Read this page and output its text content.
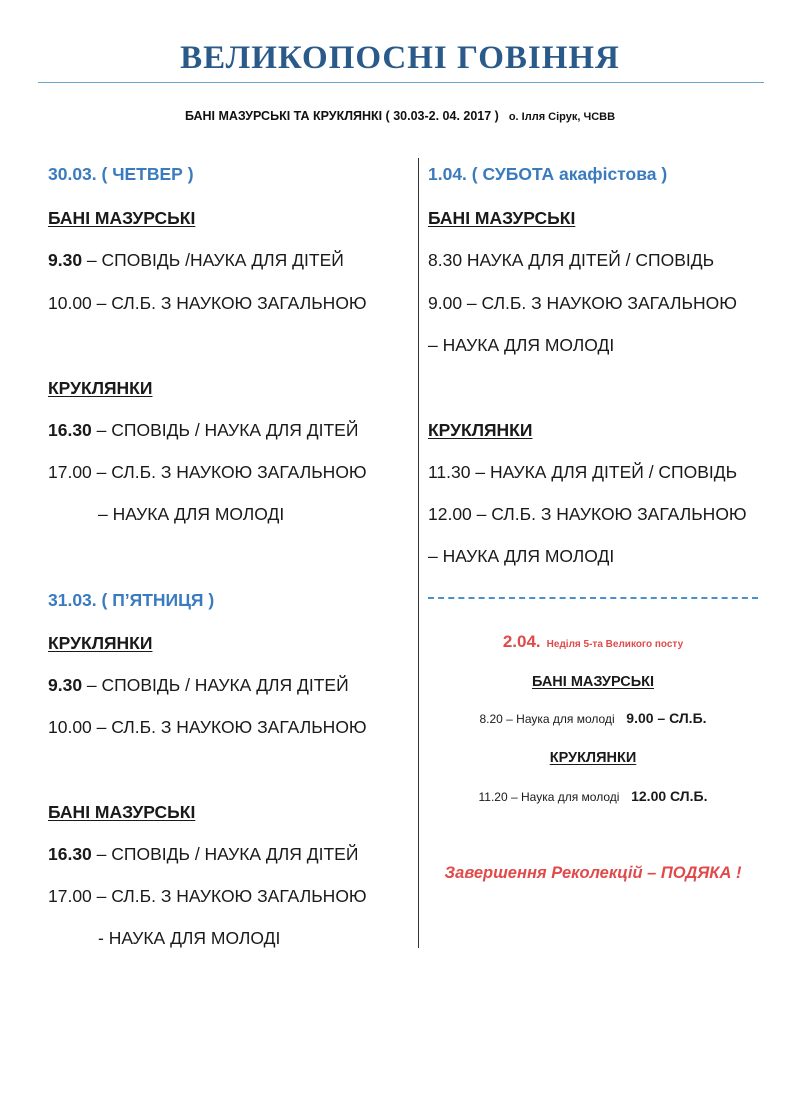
ВЕЛИКОПОСНІ ГОВІННЯ
БАНІ МАЗУРСЬКІ ТА КРУКЛЯНКІ ( 30.03-2. 04. 2017 ) о. Ілля Сірук, ЧСВВ
30.03. ( ЧЕТВЕР )
БАНІ МАЗУРСЬКІ
9.30 – СПОВІДЬ /НАУКА ДЛЯ ДІТЕЙ
10.00 – СЛ.Б. З НАУКОЮ ЗАГАЛЬНОЮ
КРУКЛЯНКИ
16.30 – СПОВІДЬ / НАУКА ДЛЯ ДІТЕЙ
17.00 – СЛ.Б. З НАУКОЮ ЗАГАЛЬНОЮ
– НАУКА ДЛЯ МОЛОДІ
31.03. ( П’ЯТНИЦЯ )
КРУКЛЯНКИ
9.30 – СПОВІДЬ / НАУКА ДЛЯ ДІТЕЙ
10.00 – СЛ.Б. З НАУКОЮ ЗАГАЛЬНОЮ
БАНІ МАЗУРСЬКІ
16.30 – СПОВІДЬ / НАУКА ДЛЯ ДІТЕЙ
17.00 – СЛ.Б. З НАУКОЮ ЗАГАЛЬНОЮ
- НАУКА ДЛЯ МОЛОДІ
1.04. ( СУБОТА акафістова )
БАНІ МАЗУРСЬКІ
8.30 НАУКА ДЛЯ ДІТЕЙ / СПОВІДЬ
9.00 – СЛ.Б. З НАУКОЮ ЗАГАЛЬНОЮ
– НАУКА ДЛЯ МОЛОДІ
КРУКЛЯНКИ
11.30 – НАУКА ДЛЯ ДІТЕЙ / СПОВІДЬ
12.00 – СЛ.Б. З НАУКОЮ ЗАГАЛЬНОЮ
– НАУКА ДЛЯ МОЛОДІ
2.04. Неділя 5-та Великого посту
БАНІ МАЗУРСЬКІ
8.20 – Наука для молоді 9.00 – СЛ.Б.
КРУКЛЯНКИ
11.20 – Наука для молоді 12.00 СЛ.Б.
Завершення Реколекцій – ПОДЯКА !
